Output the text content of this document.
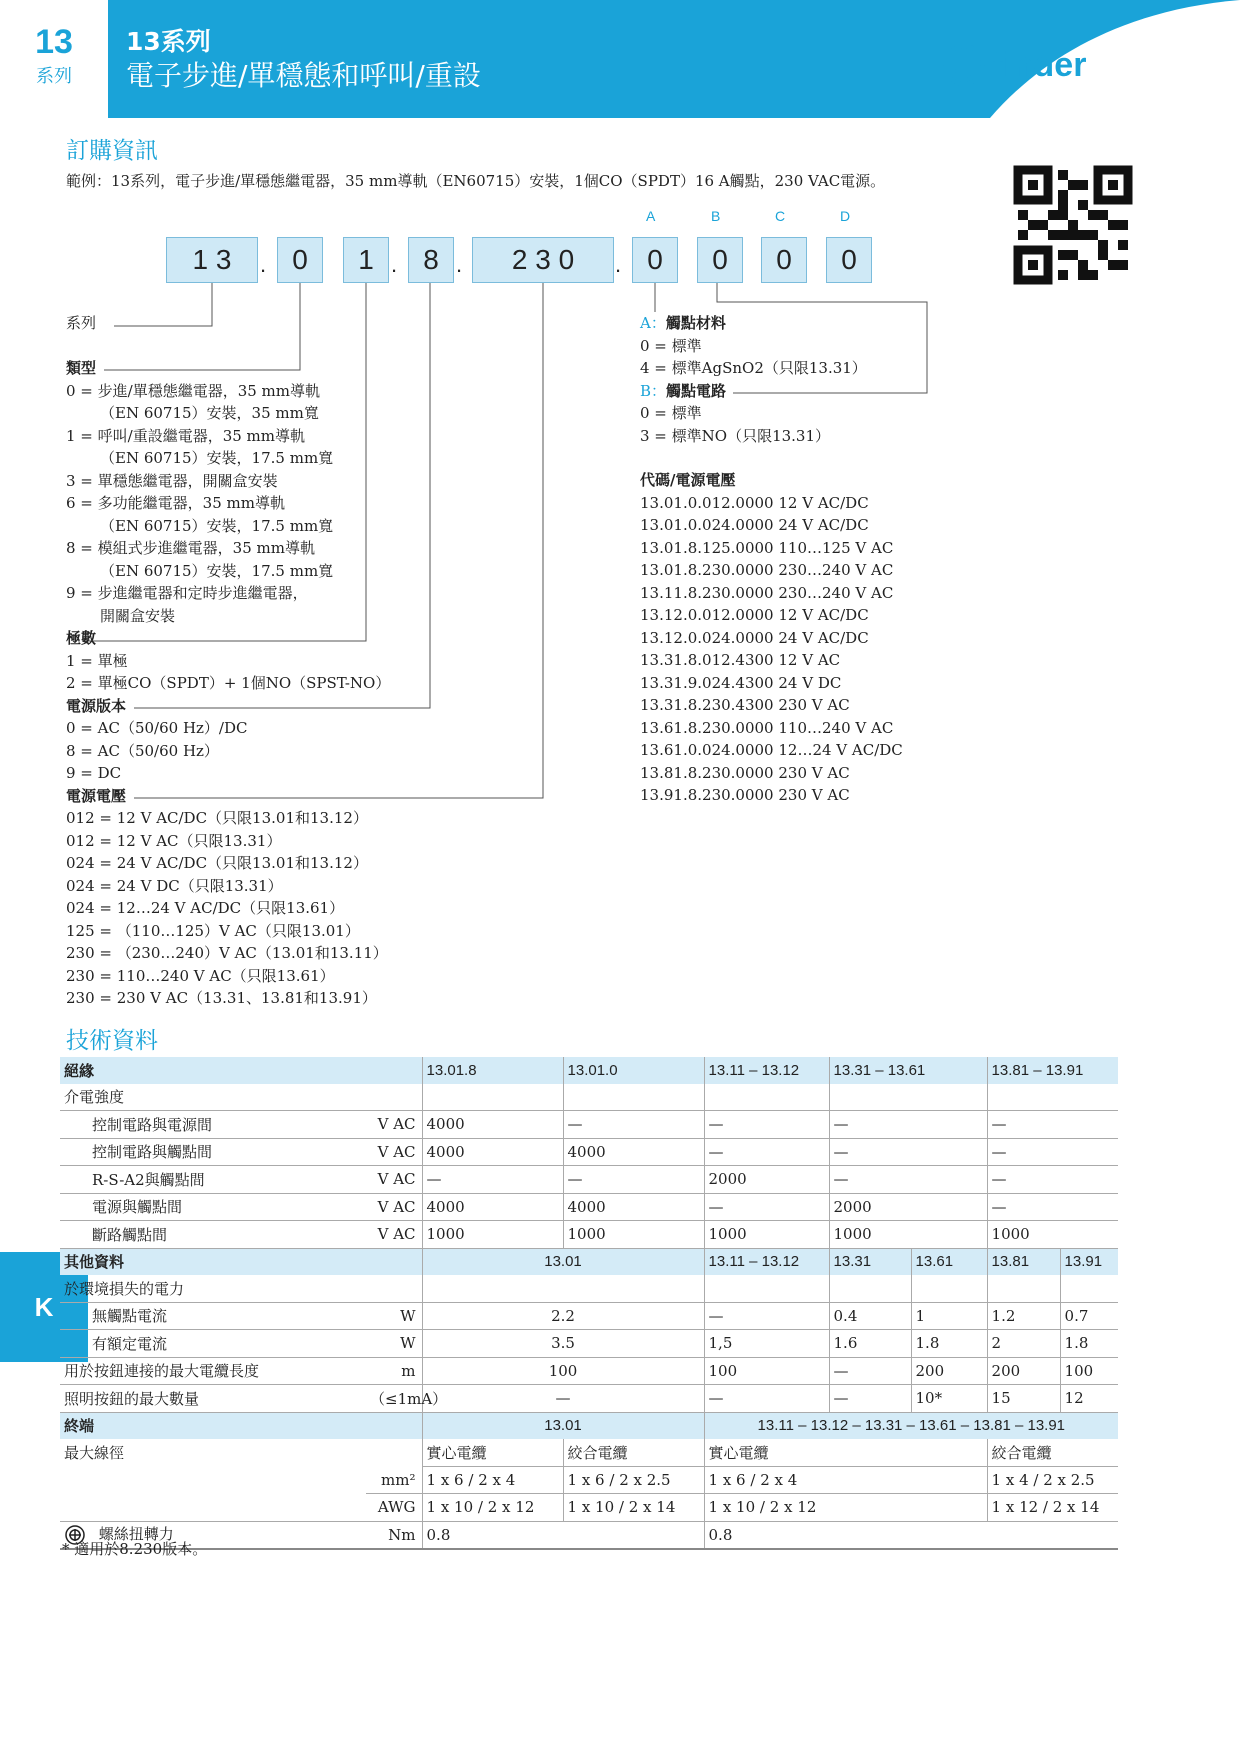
13
系列
13系列
電子步進/單穩態和呼叫/重設	finder
訂購資訊
範例：13系列，電子步進/單穩態繼電器，35 mm導軌（EN60715）安裝，1個CO（SPDT）16 A觸點，230 VAC電源。
A	B	C	D
1 3	. 0	1 . 8 .	2 3 0	. 0	0	0	0
系列
類型
0 = 步進/單穩態繼電器，35 mm導軌
（EN 60715）安裝，35 mm寬
1 = 呼叫/重設繼電器，35 mm導軌
（EN 60715）安裝，17.5 mm寬
3 = 單穩態繼電器，開關盒安裝
6 = 多功能繼電器，35 mm導軌
（EN 60715）安裝，17.5 mm寬
8 = 模組式步進繼電器，35 mm導軌
（EN 60715）安裝，17.5 mm寬
9 = 步進繼電器和定時步進繼電器，
開關盒安裝
極數
1 = 單極
2 = 單極CO（SPDT）+ 1個NO（SPST-NO）
電源版本
0 = AC（50/60 Hz）/DC
8 = AC（50/60 Hz）
9 = DC
電源電壓
012 = 12 V AC/DC（只限13.01和13.12）
012 = 12 V AC（只限13.31）
024 = 24 V AC/DC（只限13.01和13.12）
024 = 24 V DC（只限13.31）
024 = 12…24 V AC/DC（只限13.61）
125 = （110…125）V AC（只限13.01）
230 = （230…240）V AC（13.01和13.11）
230 = 110…240 V AC（只限13.61）
230 = 230 V AC（13.31、13.81和13.91）
A：觸點材料
0 = 標準
4 = 標準AgSnO2（只限13.31）
B：觸點電路
0 = 標準
3 = 標準NO（只限13.31）
代碼/電源電壓
13.01.0.012.0000 12 V AC/DC
13.01.0.024.0000 24 V AC/DC
13.01.8.125.0000 110…125 V AC
13.01.8.230.0000 230…240 V AC
13.11.8.230.0000 230…240 V AC
13.12.0.012.0000 12 V AC/DC
13.12.0.024.0000 24 V AC/DC
13.31.8.012.4300 12 V AC
13.31.9.024.4300 24 V DC
13.31.8.230.4300 230 V AC
13.61.8.230.0000 110…240 V AC
13.61.0.024.0000 12…24 V AC/DC
13.81.8.230.0000 230 V AC
13.91.8.230.0000 230 V AC
技術資料
K
絕緣		13.01.8	13.01.0	13.11 – 13.12	13.31 – 13.61		13.81 – 13.91	
介電強度								
控制電路與電源間	V AC	4000	—	—	—		—	
控制電路與觸點間	V AC	4000	4000	—	—		—	
R-S-A2與觸點間	V AC	—	—	2000	—		—	
電源與觸點間	V AC	4000	4000	—	2000		—	
斷路觸點間	V AC	1000	1000	1000	1000		1000	
其他資料		13.01		13.11 – 13.12	13.31	13.61	13.81	13.91
於環境損失的電力								
無觸點電流	W	2.2		—	0.4	1	1.2	0.7
有額定電流	W	3.5		1,5	1.6	1.8	2	1.8
用於按鈕連接的最大電纜長度	m	100		100	—	200	200	100
照明按鈕的最大數量	（≤1mA）	—		—	—	10*	15	12
終端		13.01		13.11 – 13.12 – 13.31 – 13.61 – 13.81 – 13.91				
最大線徑		實心電纜	絞合電纜	實心電纜			絞合電纜	
	mm²	1 x 6 / 2 x 4	1 x 6 / 2 x 2.5	1 x 6 / 2 x 4			1 x 4 / 2 x 2.5	
	AWG	1 x 10 / 2 x 12	1 x 10 / 2 x 14	1 x 10 / 2 x 12			1 x 12 / 2 x 14	
螺絲扭轉力	Nm	0.8		0.8				
* 適用於8.230版本。
